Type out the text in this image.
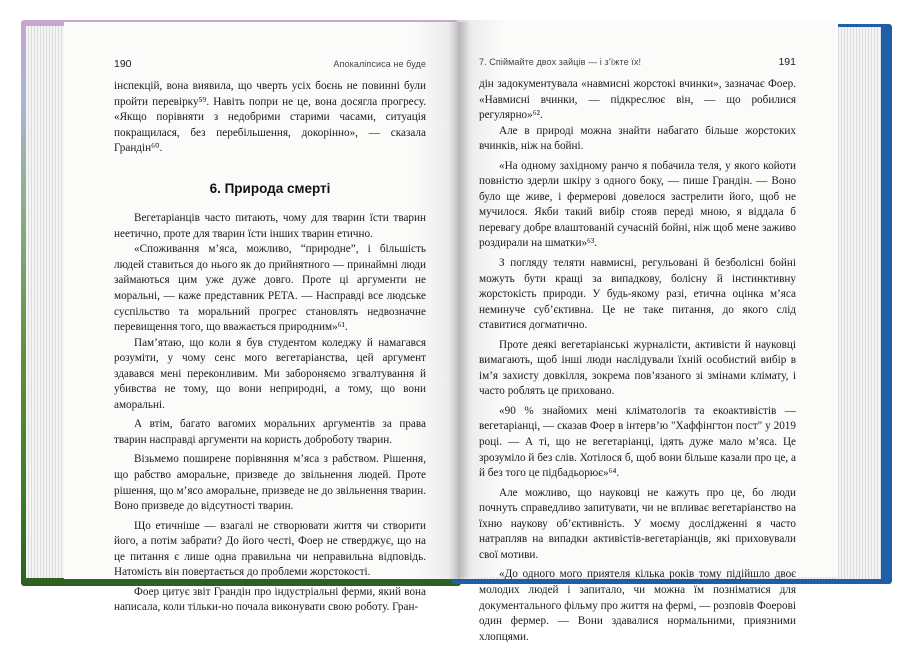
190	Апокаліпсиса не буде

інспекцій, вона виявила, що чверть усіх боєнь не повинні були пройти перевірку⁵⁹. Навіть попри не це, вона досягла прогресу. «Якщо порівняти з недобрими старими часами, ситуація покращилася, без перебільшення, докорінно», — сказала Грандін⁶⁰.

6. Природа смерті

Вегетаріанців часто питають, чому для тварин їсти тварин неетично, проте для тварин їсти інших тварин етично.

«Споживання м’яса, можливо, “природне”, і більшість людей ставиться до нього як до прийнятного — принаймні люди займаються цим уже дуже довго. Проте ці аргументи не моральні, — каже представник PETA. — Насправді все людське суспільство та моральний прогрес становлять недвозначне перевищення того, що вважається природним»⁶¹.

Пам’ятаю, що коли я був студентом коледжу й намагався розуміти, у чому сенс мого вегетаріанства, цей аргумент здавався мені переконливим. Ми забороняємо згвалтування й убивства не тому, що вони неприродні, а тому, що вони аморальні.

А втім, багато вагомих моральних аргументів за права тварин насправді аргументи на користь доброботу тварин.

Візьмемо поширене порівняння м’яса з рабством. Рішення, що рабство аморальне, призведе до звільнення людей. Проте рішення, що м’ясо аморальне, призведе не до звільнення тварин. Воно призведе до відсутності тварин.

Що етичніше — взагалі не створювати життя чи створити його, а потім забрати? До його честі, Фоер не стверджує, що на це питання є лише одна правильна чи неправильна відповідь. Натомість він повертається до проблеми жорстокості.

Фоер цитує звіт Грандін про індустріальні ферми, який вона написала, коли тільки-но почала виконувати свою роботу. Гран-

7. Спіймайте двох зайців — і з’їжте їх!	191

дін задокументувала «навмисні жорстокі вчинки», зазначає Фоер. «Навмисні вчинки, — підкреслює він, — що робилися регулярно»⁶².

Але в природі можна знайти набагато більше жорстоких вчинків, ніж на бойні.

«На одному західному ранчо я побачила теля, у якого койоти повністю здерли шкіру з одного боку, — пише Грандін. — Воно було ще живе, і фермерові довелося застрелити його, щоб не мучилося. Якби такий вибір стояв переді мною, я віддала б перевагу добре влаштованій сучасній бойні, ніж щоб мене заживо роздирали на шматки»⁶³.

З погляду теляти навмисні, регульовані й безболісні бойні можуть бути кращі за випадкову, болісну й інстинктивну жорстокість природи. У будь-якому разі, етична оцінка м’яса неминуче суб’єктивна. Це не таке питання, до якого слід ставитися догматично.

Проте деякі вегетаріанські журналісти, активісти й науковці вимагають, щоб інші люди наслідували їхній особистий вибір в ім’я захисту довкілля, зокрема пов’язаного зі змінами клімату, і часто роблять це приховано.

«90 % знайомих мені кліматологів та екоактивістів — вегетаріанці, — сказав Фоер в інтерв’ю "Хаффінгтон пост" у 2019 році. — А ті, що не вегетаріанці, ідять дуже мало м’яса. Це зрозуміло й без слів. Хотілося б, щоб вони більше казали про це, а й без того це підбадьорює»⁶⁴.

Але можливо, що науковці не кажуть про це, бо люди почнуть справедливо запитувати, чи не впливає вегетаріанство на їхню наукову об’єктивність. У моєму дослідженні я часто натрапляв на випадки активістів-вегетаріанців, які приховували свої мотиви.

«До одного мого приятеля кілька років тому підійшло двоє молодих людей і запитало, чи можна їм позніматися для документального фільму про життя на фермі, — розповів Фоерові один фермер. — Вони здавалися нормальними, приязними хлопцями.
